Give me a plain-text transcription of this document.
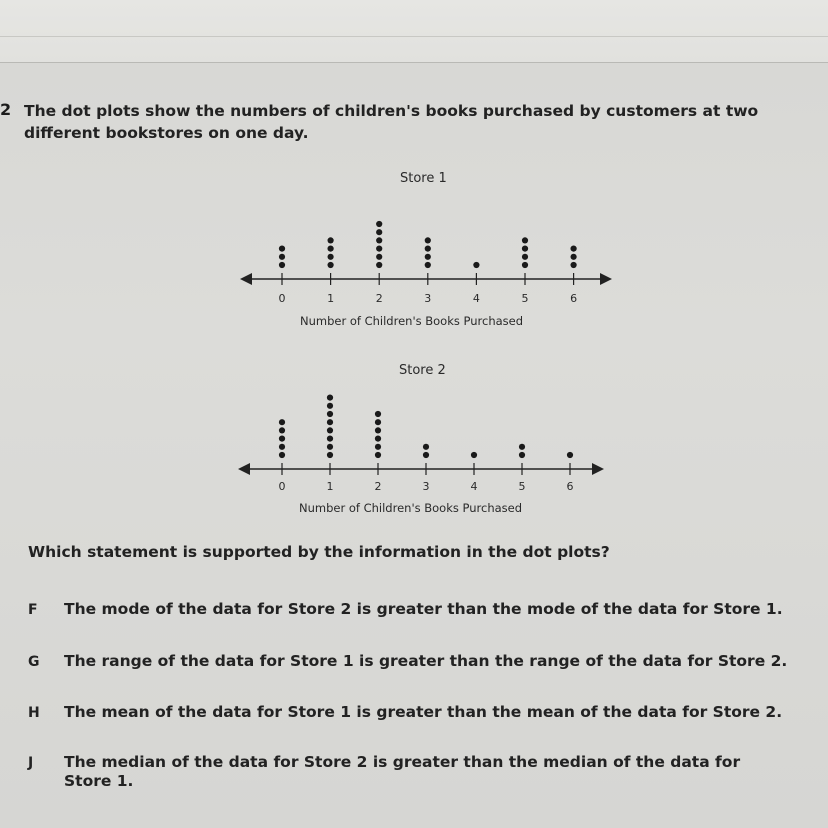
2 The dot plots show the numbers of children's books purchased by customers at two different bookstores on one day.
Store 1
0	1	2	3	4	5	6
Number of Children's Books Purchased
Store 2
0	1	2	3	4	5	6
Number of Children's Books Purchased
Which statement is supported by the information in the dot plots?
F The mode of the data for Store 2 is greater than the mode of the data for Store 1.
G The range of the data for Store 1 is greater than the range of the data for Store 2.
H The mean of the data for Store 1 is greater than the mean of the data for Store 2.
J The median of the data for Store 2 is greater than the median of the data for Store 1.
